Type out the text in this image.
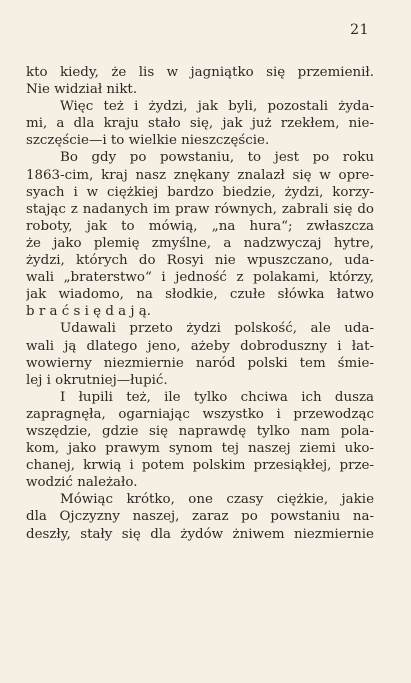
21
kto kiedy, że lis w jagniątko się przemienił.
Nie widział nikt.
Więc też i żydzi, jak byli, pozostali żyda-
mi, a dla kraju stało się, jak już rzekłem, nie-
szczęście—i to wielkie nieszczęście.
Bo gdy po powstaniu, to jest po roku
1863-cim, kraj nasz znękany znalazł się w opre-
syach i w ciężkiej bardzo biedzie, żydzi, korzy-
stając z nadanych im praw równych, zabrali się do
roboty, jak to mówią, „na hura“; zwłaszcza
że jako plemię zmyślne, a nadzwyczaj hytre,
żydzi, których do Rosyi nie wpuszczano, uda-
wali „braterstwo“ i jedność z polakami, którzy,
jak wiadomo, na słodkie, czułe słówka łatwo
b r a ć s i ę d a j ą.
Udawali przeto żydzi polskość, ale uda-
wali ją dlatego jeno, ażeby dobroduszny i łat-
wowierny niezmiernie naród polski tem śmie-
lej i okrutniej—łupić.
I łupili też, ile tylko chciwa ich dusza
zapragnęła, ogarniając wszystko i przewodząc
wszędzie, gdzie się naprawdę tylko nam pola-
kom, jako prawym synom tej naszej ziemi uko-
chanej, krwią i potem polskim przesiąkłej, prze-
wodzić należało.
Mówiąc krótko, one czasy ciężkie, jakie
dla Ojczyzny naszej, zaraz po powstaniu na-
deszły, stały się dla żydów żniwem niezmiernie
